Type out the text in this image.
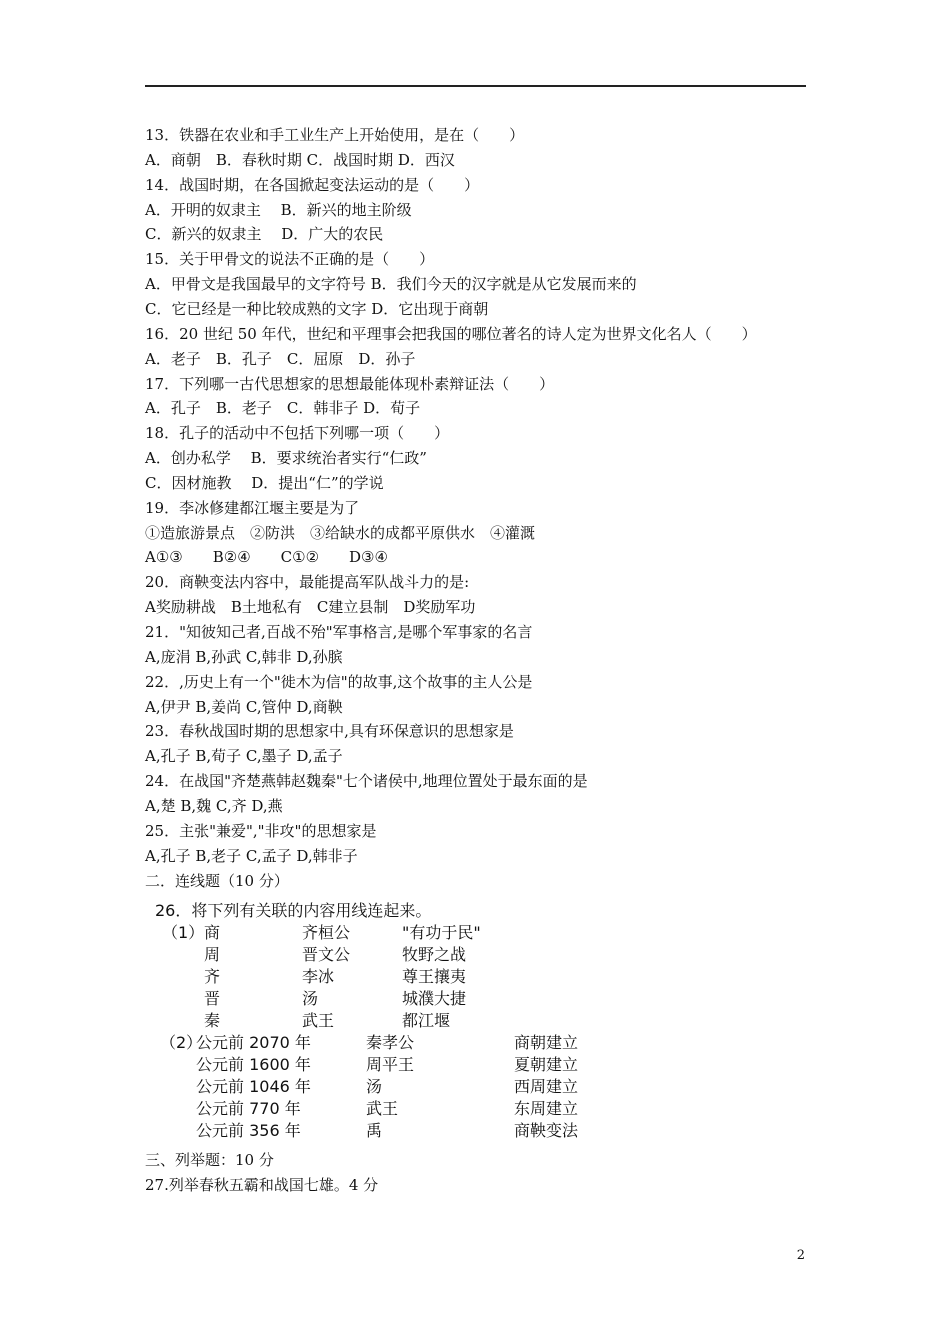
13．铁器在农业和手工业生产上开始使用，是在（　　）
A．商朝　B．春秋时期 C．战国时期 D．西汉
14．战国时期，在各国掀起变法运动的是（　　）
A．开明的奴隶主　 B．新兴的地主阶级
C．新兴的奴隶主　 D．广大的农民
15．关于甲骨文的说法不正确的是（　　）
A．甲骨文是我国最早的文字符号 B．我们今天的汉字就是从它发展而来的
C．它已经是一种比较成熟的文字 D．它出现于商朝
16．20 世纪 50 年代，世纪和平理事会把我国的哪位著名的诗人定为世界文化名人（　　）
A．老子　B．孔子　C．屈原　D．孙子
17．下列哪一古代思想家的思想最能体现朴素辩证法（　　）
A．孔子　B．老子　C．韩非子 D．荀子
18．孔子的活动中不包括下列哪一项（　　）
A．创办私学　 B．要求统治者实行“仁政”
C．因材施教　 D．提出“仁”的学说
19．李冰修建都江堰主要是为了
①造旅游景点　②防洪　③给缺水的成都平原供水　④灌溉
A①③　　B②④　　C①②　　D③④
20．商鞅变法内容中，最能提高军队战斗力的是:
A奖励耕战　B土地私有　C建立县制　D奖励军功
21．"知彼知己者,百战不殆"军事格言,是哪个军事家的名言
A,庞涓 B,孙武 C,韩非 D,孙膑
22．,历史上有一个"徙木为信"的故事,这个故事的主人公是
A,伊尹 B,姜尚 C,管仲 D,商鞅
23．春秋战国时期的思想家中,具有环保意识的思想家是
A,孔子 B,荀子 C,墨子 D,孟子
24．在战国"齐楚燕韩赵魏秦"七个诸侯中,地理位置处于最东面的是
A,楚 B,魏 C,齐 D,燕
25．主张"兼爱","非攻"的思想家是
A,孔子 B,老子 C,孟子 D,韩非子
二．连线题（10 分）
26．将下列有关联的内容用线连起来。
（1） 商	齐桓公	"有功于民"
周	晋文公	牧野之战
齐	李冰	尊王攘夷
晋	汤	城濮大捷
秦	武王	都江堰
（2）
公元前 2070 年	秦孝公	商朝建立
公元前 1600 年	周平王	夏朝建立
公元前 1046 年	汤	西周建立
公元前 770 年	武王	东周建立
公元前 356 年	禹	商鞅变法
三、列举题：10 分
27.列举春秋五霸和战国七雄。4 分
2
